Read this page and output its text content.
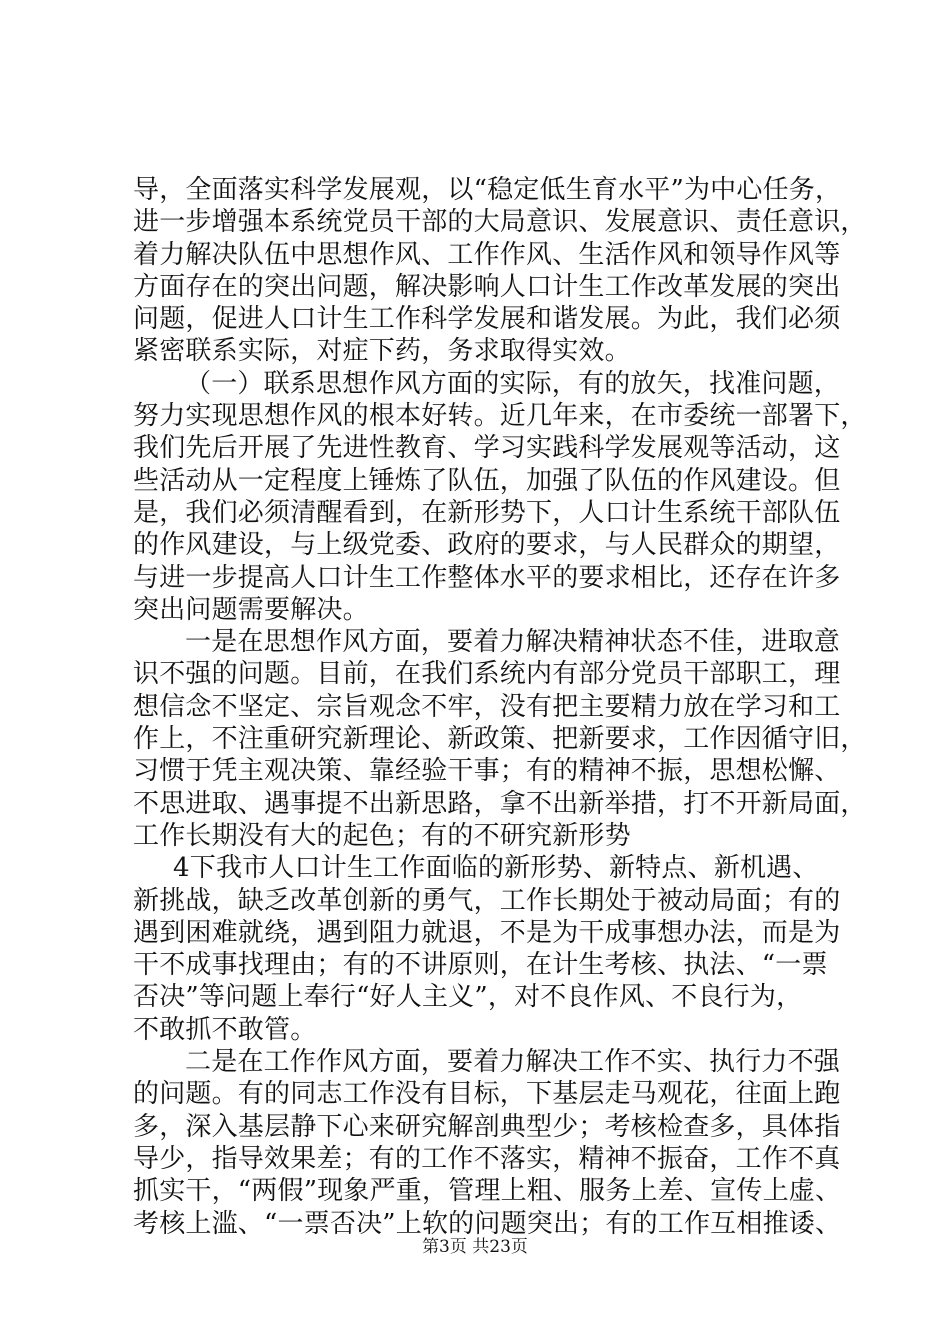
导，全面落实科学发展观，以“稳定低生育水平”为中心任务，
进一步增强本系统党员干部的大局意识、发展意识、责任意识，
着力解决队伍中思想作风、工作作风、生活作风和领导作风等
方面存在的突出问题，解决影响人口计生工作改革发展的突出
问题，促进人口计生工作科学发展和谐发展。为此，我们必须
紧密联系实际，对症下药，务求取得实效。
（一）联系思想作风方面的实际，有的放矢，找准问题，
努力实现思想作风的根本好转。近几年来，在市委统一部署下，
我们先后开展了先进性教育、学习实践科学发展观等活动，这
些活动从一定程度上锤炼了队伍，加强了队伍的作风建设。但
是，我们必须清醒看到，在新形势下，人口计生系统干部队伍
的作风建设，与上级党委、政府的要求，与人民群众的期望，
与进一步提高人口计生工作整体水平的要求相比，还存在许多
突出问题需要解决。
一是在思想作风方面，要着力解决精神状态不佳，进取意
识不强的问题。目前，在我们系统内有部分党员干部职工，理
想信念不坚定、宗旨观念不牢，没有把主要精力放在学习和工
作上，不注重研究新理论、新政策、把新要求，工作因循守旧，
习惯于凭主观决策、靠经验干事；有的精神不振，思想松懈、
不思进取、遇事提不出新思路，拿不出新举措，打不开新局面，
工作长期没有大的起色；有的不研究新形势
4下我市人口计生工作面临的新形势、新特点、新机遇、
新挑战，缺乏改革创新的勇气，工作长期处于被动局面；有的
遇到困难就绕，遇到阻力就退，不是为干成事想办法，而是为
干不成事找理由；有的不讲原则，在计生考核、执法、“一票
否决”等问题上奉行“好人主义”，对不良作风、不良行为，
不敢抓不敢管。
二是在工作作风方面，要着力解决工作不实、执行力不强
的问题。有的同志工作没有目标，下基层走马观花，往面上跑
多，深入基层静下心来研究解剖典型少；考核检查多，具体指
导少，指导效果差；有的工作不落实，精神不振奋，工作不真
抓实干，“两假”现象严重，管理上粗、服务上差、宣传上虚、
考核上滥、“一票否决”上软的问题突出；有的工作互相推诿、
第3页 共23页
